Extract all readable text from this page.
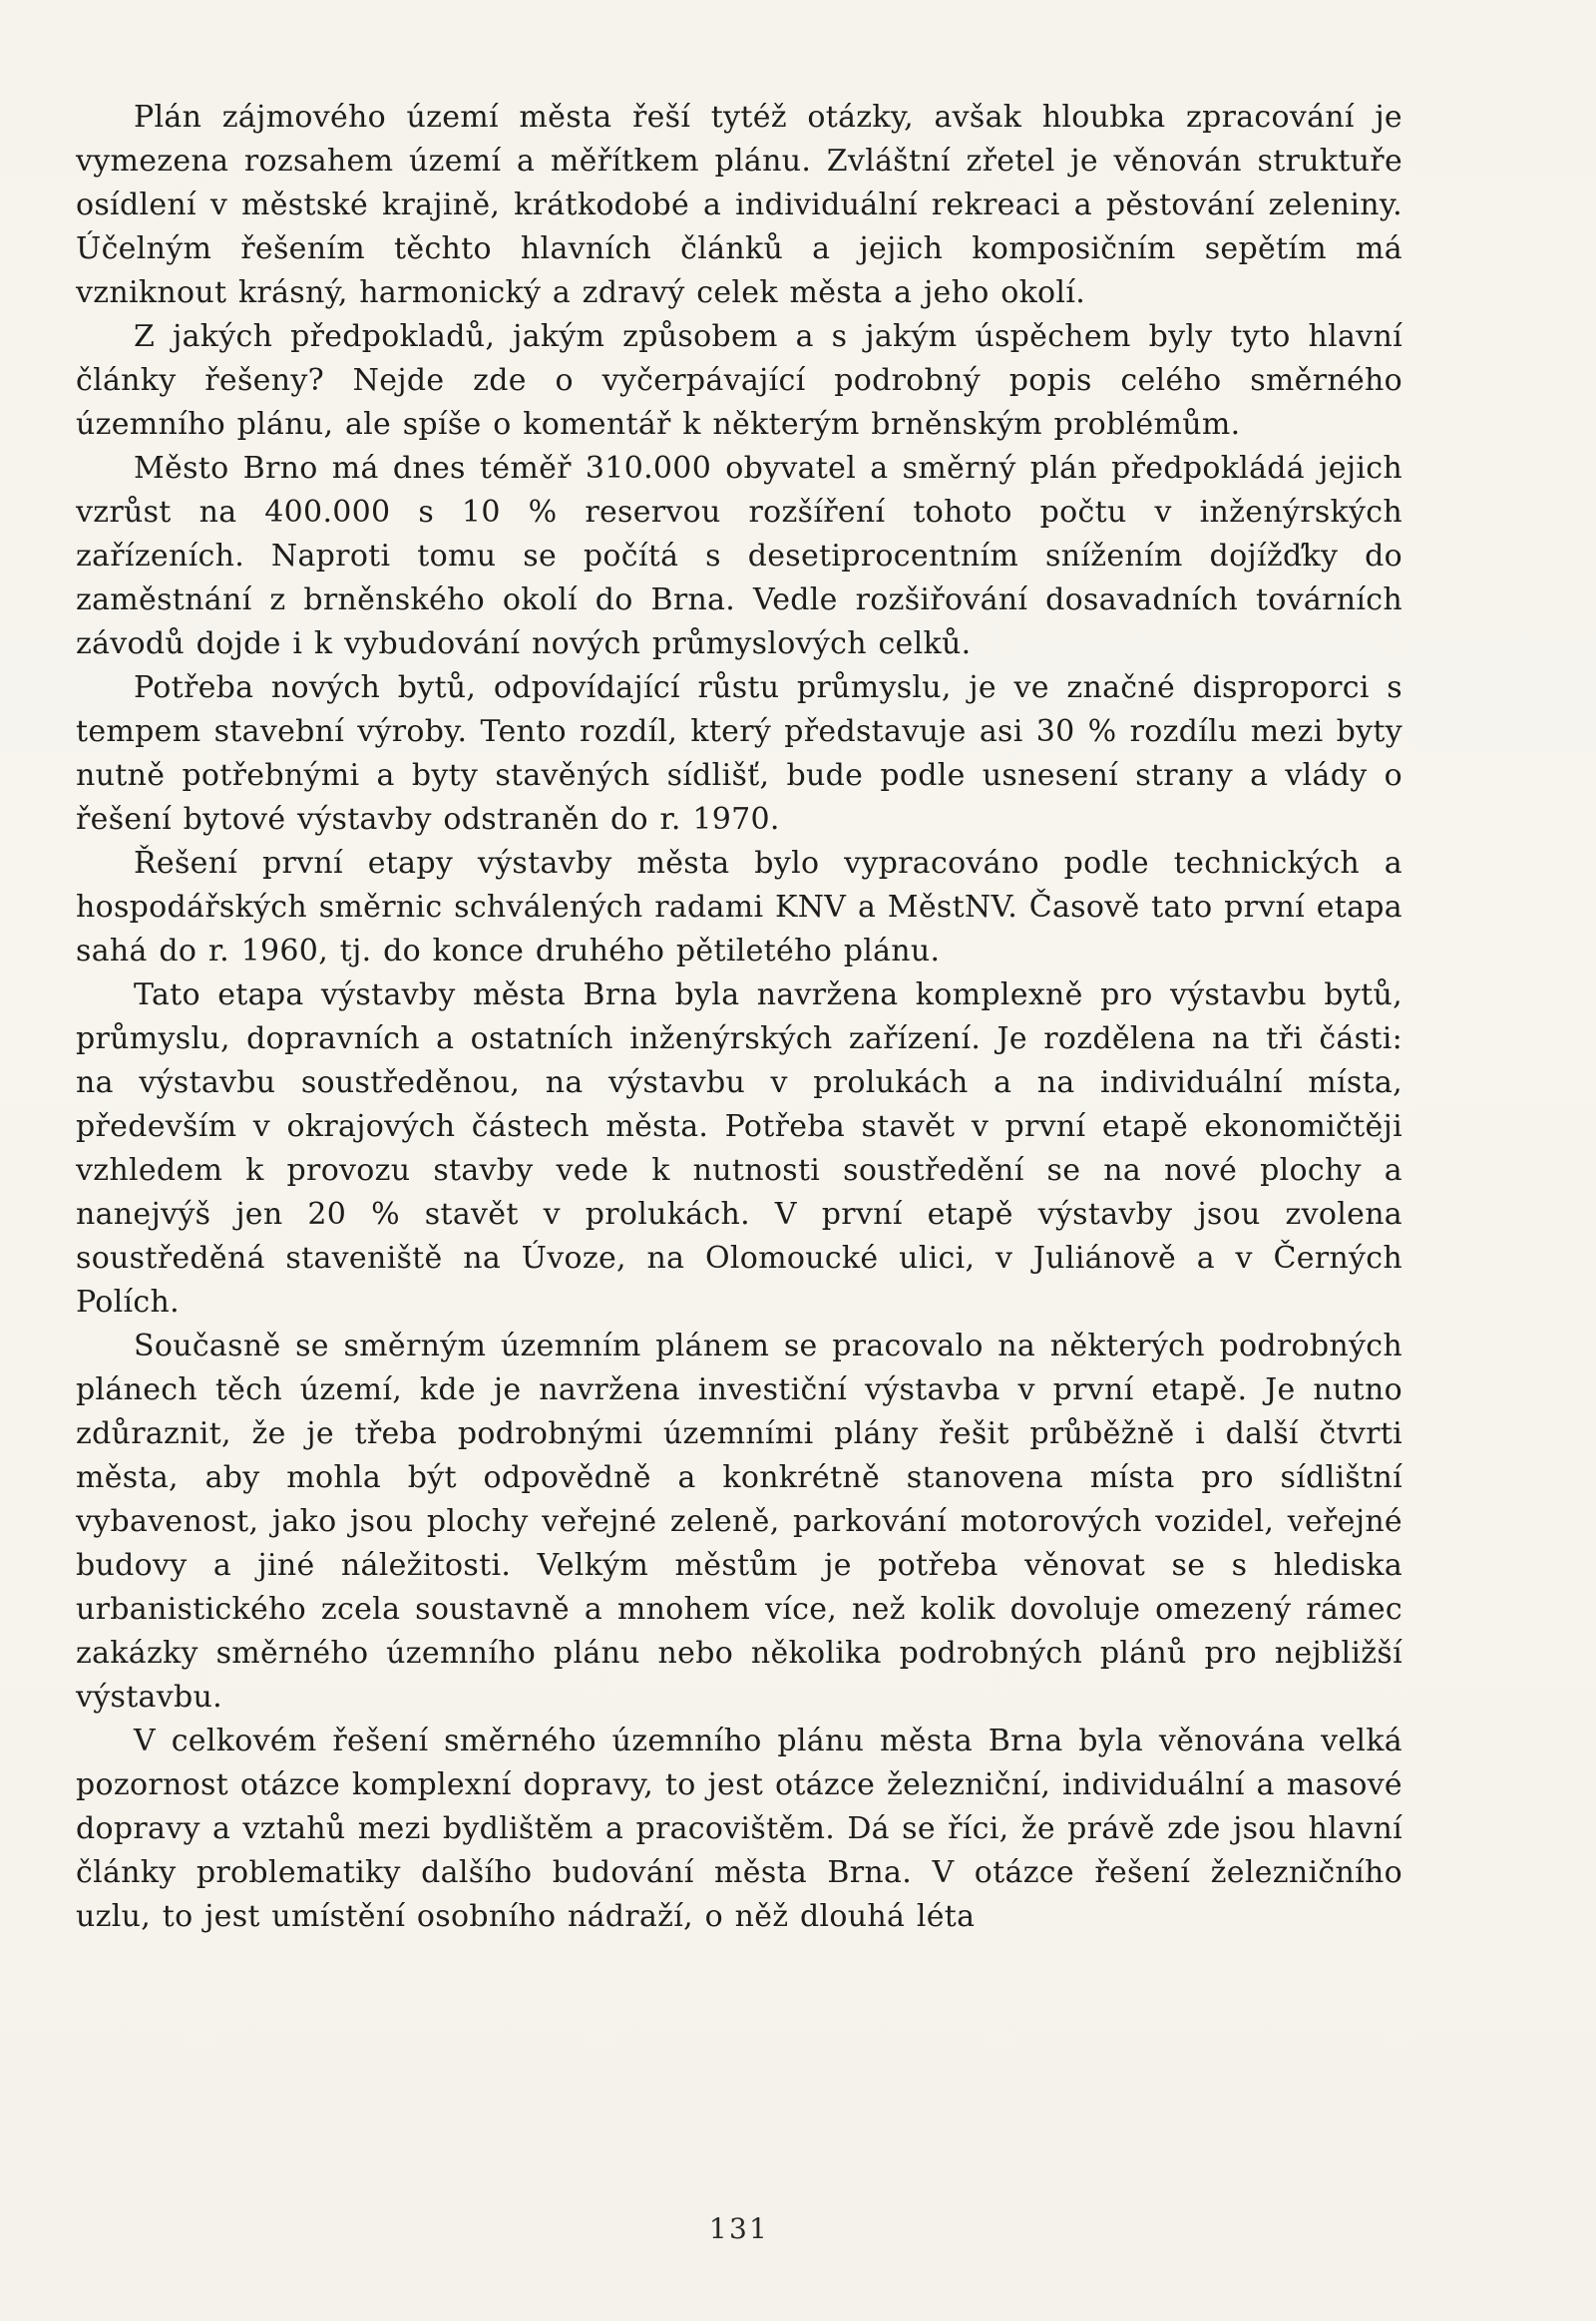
Plán zájmového území města řeší tytéž otázky, avšak hloubka zpracování je vymezena rozsahem území a měřítkem plánu. Zvláštní zřetel je věnován struktuře osídlení v městské krajině, krátkodobé a individuální rekreaci a pěstování zeleniny. Účelným řešením těchto hlavních článků a jejich komposičním sepětím má vzniknout krásný, harmonický a zdravý celek města a jeho okolí.

Z jakých předpokladů, jakým způsobem a s jakým úspěchem byly tyto hlavní články řešeny? Nejde zde o vyčerpávající podrobný popis celého směrného územního plánu, ale spíše o komentář k některým brněnským problémům.

Město Brno má dnes téměř 310.000 obyvatel a směrný plán předpokládá jejich vzrůst na 400.000 s 10 % reservou rozšíření tohoto počtu v inženýrských zařízeních. Naproti tomu se počítá s desetiprocentním snížením dojížďky do zaměstnání z brněnského okolí do Brna. Vedle rozšiřování dosavadních továrních závodů dojde i k vybudování nových průmyslových celků.

Potřeba nových bytů, odpovídající růstu průmyslu, je ve značné disproporci s tempem stavební výroby. Tento rozdíl, který představuje asi 30 % rozdílu mezi byty nutně potřebnými a byty stavěných sídlišť, bude podle usnesení strany a vlády o řešení bytové výstavby odstraněn do r. 1970.

Řešení první etapy výstavby města bylo vypracováno podle technických a hospodářských směrnic schválených radami KNV a MěstNV. Časově tato první etapa sahá do r. 1960, tj. do konce druhého pětiletého plánu.

Tato etapa výstavby města Brna byla navržena komplexně pro výstavbu bytů, průmyslu, dopravních a ostatních inženýrských zařízení. Je rozdělena na tři části: na výstavbu soustředěnou, na výstavbu v prolukách a na individuální místa, především v okrajových částech města. Potřeba stavět v první etapě ekonomičtěji vzhledem k provozu stavby vede k nutnosti soustředění se na nové plochy a nanejvýš jen 20 % stavět v prolukách. V první etapě výstavby jsou zvolena soustředěná staveniště na Úvoze, na Olomoucké ulici, v Juliánově a v Černých Polích.

Současně se směrným územním plánem se pracovalo na některých podrobných plánech těch území, kde je navržena investiční výstavba v první etapě. Je nutno zdůraznit, že je třeba podrobnými územními plány řešit průběžně i další čtvrti města, aby mohla být odpovědně a konkrétně stanovena místa pro sídlištní vybavenost, jako jsou plochy veřejné zeleně, parkování motorových vozidel, veřejné budovy a jiné náležitosti. Velkým městům je potřeba věnovat se s hlediska urbanistického zcela soustavně a mnohem více, než kolik dovoluje omezený rámec zakázky směrného územního plánu nebo několika podrobných plánů pro nejbližší výstavbu.

V celkovém řešení směrného územního plánu města Brna byla věnována velká pozornost otázce komplexní dopravy, to jest otázce železniční, individuální a masové dopravy a vztahů mezi bydlištěm a pracovištěm. Dá se říci, že právě zde jsou hlavní články problematiky dalšího budování města Brna. V otázce řešení železničního uzlu, to jest umístění osobního nádraží, o něž dlouhá léta

131
